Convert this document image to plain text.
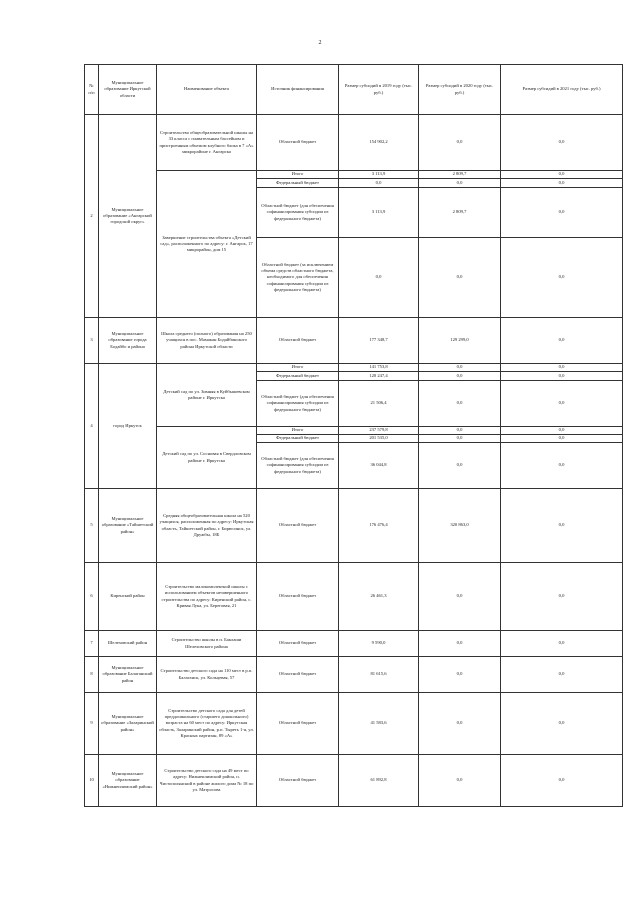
2
№ п/п	Муниципальное образование Иркутской области	Наименование объекта	Источник финансирования	Размер субсидий в 2019 году (тыс. руб.)	Размер субсидий в 2020 году (тыс. руб.)	Размер субсидий в 2021 году (тыс. руб.)
2	Муниципальное образование «Ангарский городской округ»	Строительство общеобразовательной школы на 33 класса с плавательным бассейном и пристроенным объемом клубного блока в 7 «А» микрорайоне г. Ангарска	Областной бюджет	154 902,2	0,0	0,0
		Завершение строительства объекта «Детский сад», расположенного по адресу: г. Ангарск, 17 микрорайон, дом 15	Итого	3 113,9	2 809,7	0,0
			Федеральный бюджет	0,0	0,0	0,0
			Областной бюджет (для обеспечения софинансирования субсидии из федерального бюджета)	3 113,9	2 809,7	0,0
			Областной бюджет (за исключением объема средств областного бюджета, необходимого для обеспечения софинансирования субсидии из федерального бюджета)	0,0	0,0	0,0
3	Муниципальное образование города Бодайбо и района	Школа среднего (полного) образования на 250 учащихся в пос. Мамакан Бодайбинского района Иркутской области	Областной бюджет	177 348,7	129 299,0	0,0
4	город Иркутск	Детский сад по ул. Зимняя в Куйбышевском районе г. Иркутска	Итого	141 753,8	0,0	0,0
			Федеральный бюджет	120 247,4	0,0	0,0
			Областной бюджет (для обеспечения софинансирования субсидии из федерального бюджета)	21 506,4	0,0	0,0
		Детский сад по ул. Сосновая в Свердловском районе г. Иркутска	Итого	237 579,8	0,0	0,0
			Федеральный бюджет	201 535,0	0,0	0,0
			Областной бюджет (для обеспечения софинансирования субсидии из федерального бюджета)	36 044,8	0,0	0,0
5	Муниципальное образование «Тайшетский район»	Средняя общеобразовательная школа на 520 учащихся, расположенная по адресу: Иркутская область, Тайшетский район, г. Бирюсинск, ул. Дружбы, 18Б	Областной бюджет	176 476,4	320 863,0	0,0
6	Киренский район	Строительство малокомплектной школы с использованием объектов незавершенного строительства по адресу: Киренский район, с. Кривая Лука, ул. Береговая, 21	Областной бюджет	26 461,3	0,0	0,0
7	Шелеховский район	Строительство школы в п. Баклаши Шелеховского района	Областной бюджет	9 590,0	0,0	0,0
8	Муниципальное образование Балаганский район	Строительство детского сада на 110 мест в р.п. Балаганск, ул. Кольцевая, 57	Областной бюджет	81 615,6	0,0	0,0
9	Муниципальное образование «Заларинский район»	Строительство детского сада для детей преддошкольного (старшего дошкольного) возраста на 60 мест по адресу: Иркутская область, Заларинский район, р.п. Тыреть 1-я, ул. Красных партизан, 89 «А»	Областной бюджет	41 583,6	0,0	0,0
10	Муниципальное образование «Нижнеилимский район»	Строительство детского сада на 49 мест по адресу: Нижнеилимский район, п. Чистополянский в районе жилого дома № 18 по ул. Матросова	Областной бюджет	61 892,8	0,0	0,0
